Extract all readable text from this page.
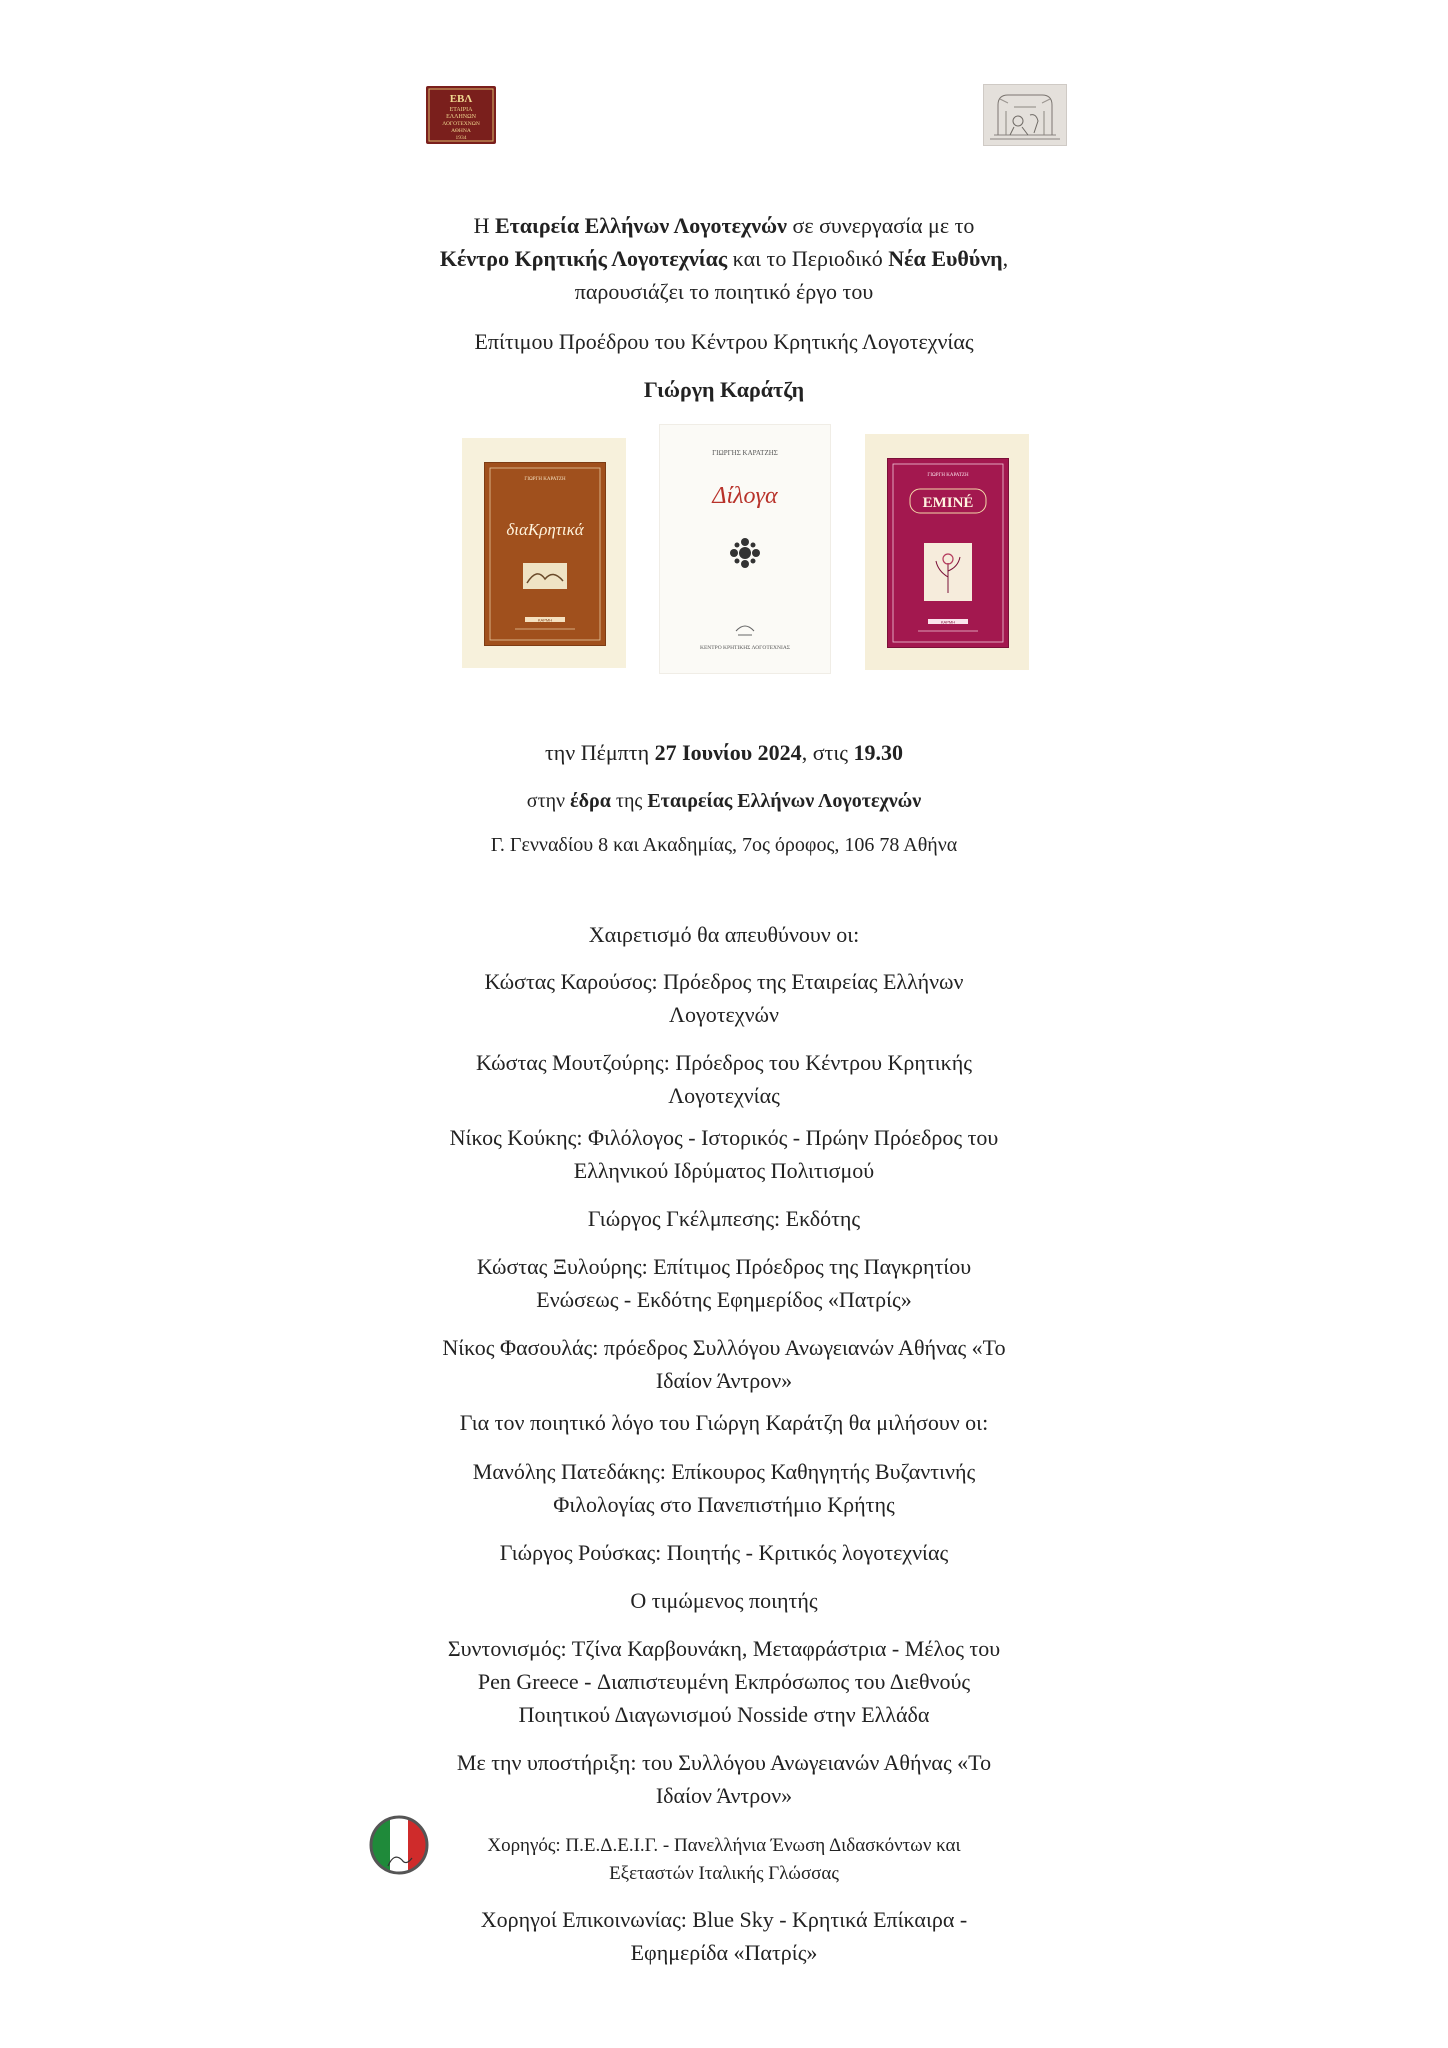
ΕΒΛ
ΕΤΑΙΡΙΑ
ΕΛΛΗΝΩΝ
ΛΟΓΟΤΕΧΝΩΝ
ΑΘΗΝΑ
1934
Η Εταιρεία Ελλήνων Λογοτεχνών σε συνεργασία με το
Κέντρο Κρητικής Λογοτεχνίας και το Περιοδικό Νέα Ευθύνη,
παρουσιάζει το ποιητικό έργο του
Επίτιμου Προέδρου του Κέντρου Κρητικής Λογοτεχνίας
Γιώργη Καράτζη
ΓΙΩΡΓΗ ΚΑΡΑΤΖΗ
διαΚρητικά
ΚΑΡΜΗ
ΓΙΩΡΓΗΣ ΚΑΡΑΤΖΗΣ
Δίλογα
ΚΕΝΤΡΟ ΚΡΗΤΙΚΗΣ ΛΟΓΟΤΕΧΝΙΑΣ
ΓΙΩΡΓΗ ΚΑΡΑΤΖΗ
EMINÉ
ΚΑΡΜΗ
την Πέμπτη 27 Ιουνίου 2024, στις 19.30
στην έδρα της Εταιρείας Ελλήνων Λογοτεχνών
Γ. Γενναδίου 8 και Ακαδημίας, 7ος όροφος, 106 78 Αθήνα
Χαιρετισμό θα απευθύνουν οι:
Κώστας Καρούσος: Πρόεδρος της Εταιρείας Ελλήνων
Λογοτεχνών
Κώστας Μουτζούρης: Πρόεδρος του Κέντρου Κρητικής
Λογοτεχνίας
Νίκος Κούκης: Φιλόλογος - Ιστορικός - Πρώην Πρόεδρος του
Ελληνικού Ιδρύματος Πολιτισμού
Γιώργος Γκέλμπεσης: Εκδότης
Κώστας Ξυλούρης: Επίτιμος Πρόεδρος της Παγκρητίου
Ενώσεως - Εκδότης Εφημερίδος «Πατρίς»
Νίκος Φασουλάς: πρόεδρος Συλλόγου Ανωγειανών Αθήνας «Το
Ιδαίον Άντρον»
Για τον ποιητικό λόγο του Γιώργη Καράτζη θα μιλήσουν οι:
Μανόλης Πατεδάκης: Επίκουρος Καθηγητής Βυζαντινής
Φιλολογίας στο Πανεπιστήμιο Κρήτης
Γιώργος Ρούσκας: Ποιητής - Κριτικός λογοτεχνίας
Ο τιμώμενος ποιητής
Συντονισμός: Τζίνα Καρβουνάκη, Μεταφράστρια - Μέλος του
Pen Greece - Διαπιστευμένη Εκπρόσωπος του Διεθνούς
Ποιητικού Διαγωνισμού Nosside στην Ελλάδα
Με την υποστήριξη: του Συλλόγου Ανωγειανών Αθήνας «Το
Ιδαίον Άντρον»
Χορηγός: Π.Ε.Δ.Ε.Ι.Γ. - Πανελλήνια Ένωση Διδασκόντων και
Εξεταστών Ιταλικής Γλώσσας
Χορηγοί Επικοινωνίας: Blue Sky - Κρητικά Επίκαιρα -
Εφημερίδα «Πατρίς»
